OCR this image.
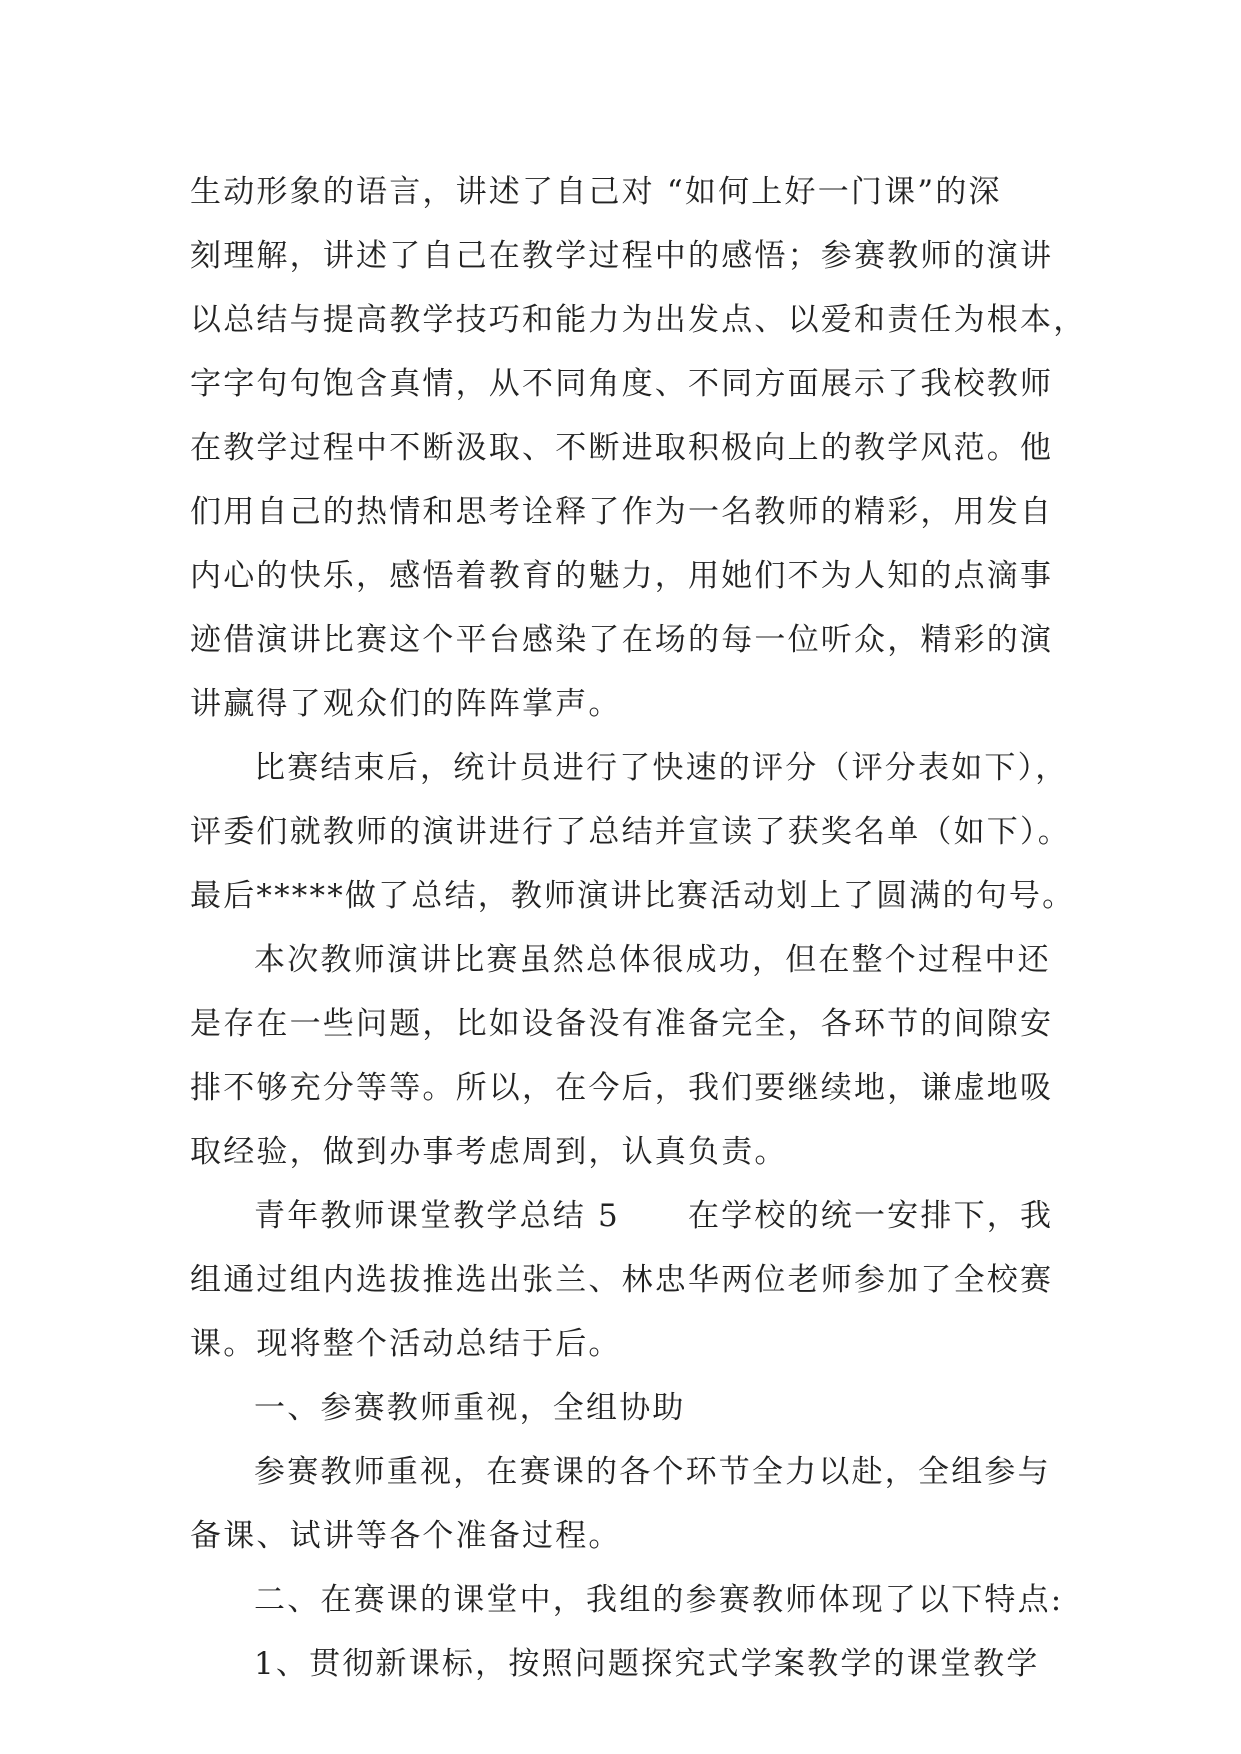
生动形象的语言，讲述了自己对 “如何上好一门课”的深
刻理解，讲述了自己在教学过程中的感悟；参赛教师的演讲
以总结与提高教学技巧和能力为出发点、以爱和责任为根本，
字字句句饱含真情，从不同角度、不同方面展示了我校教师
在教学过程中不断汲取、不断进取积极向上的教学风范。他
们用自己的热情和思考诠释了作为一名教师的精彩，用发自
内心的快乐，感悟着教育的魅力，用她们不为人知的点滴事
迹借演讲比赛这个平台感染了在场的每一位听众，精彩的演
讲赢得了观众们的阵阵掌声。
比赛结束后，统计员进行了快速的评分（评分表如下），
评委们就教师的演讲进行了总结并宣读了获奖名单（如下）。
最后*****做了总结，教师演讲比赛活动划上了圆满的句号。
本次教师演讲比赛虽然总体很成功，但在整个过程中还
是存在一些问题，比如设备没有准备完全，各环节的间隙安
排不够充分等等。所以，在今后，我们要继续地，谦虚地吸
取经验，做到办事考虑周到，认真负责。
青年教师课堂教学总结 5 在学校的统一安排下，我
组通过组内选拔推选出张兰、林忠华两位老师参加了全校赛
课。现将整个活动总结于后。
一、参赛教师重视，全组协助
参赛教师重视，在赛课的各个环节全力以赴，全组参与
备课、试讲等各个准备过程。
二、在赛课的课堂中，我组的参赛教师体现了以下特点:
1、贯彻新课标，按照问题探究式学案教学的课堂教学
